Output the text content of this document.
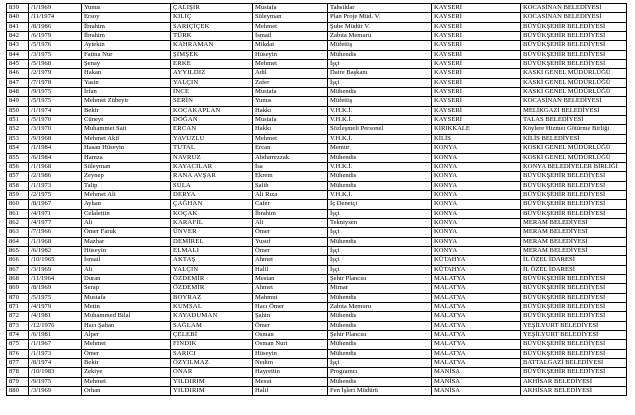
839	/1/1969	Yunus	ÇALIŞIR	Mustafa	Tahsildar	KAYSERİ	KOCASİNAN BELEDİYESİ
840	/11/1974	Ersoy	KILIÇ	Süleyman	Plan Proje Müd. V.	KAYSERİ	KOCASİNAN BELEDİYESİ
841	/8/1986	İbrahim	SARIÇİÇEK	Mehmet	Şube Müdür V.	KAYSERİ	BÜYÜKŞEHİR BELEDİYESİ
842	/6/1979	İbrahim	TÜRK	İsmail	Zabıta Memuru	KAYSERİ	BÜYÜKŞEHİR BELEDİYESİ
843	/5/1976	Aytekin	KAHRAMAN	Mikdat	Müfettiş	KAYSERİ	BÜYÜKŞEHİR BELEDİYESİ
844	/3/1975	Fatma Nur	ŞİMŞEK	Hüseyin	Mühendis	KAYSERİ	BÜYÜKŞEHİR BELEDİYESİ
845	/5/1968	Şenay	ERKE	Mehmet	İşçi	KAYSERİ	BÜYÜKŞEHİR BELEDİYESİ
846	/2/1979	Hakan	AYYILDIZ	Adil	Daire Başkanı	KAYSERİ	KASKİ GENEL MÜDÜRLÜĞÜ
847	/7/1978	Yasin	YALÇIN	Zafer	İşçi	KAYSERİ	KASKİ GENEL MÜDÜRLÜĞÜ
848	/9/1975	İrfan	İNCE	Mustafa	Mühendis	KAYSERİ	KASKİ GENEL MÜDÜRLÜĞÜ
849	/5/1975	Mehmet Zübeyir	SERİN	Yunus	Müfettiş	KAYSERİ	KOCASİNAN BELEDİYESİ
850	/1/1974	Bekir	KOCAKAPLAN	Hakkı	V.H.K.İ.	KAYSERİ	MELİKGAZİ BELEDİYESİ
851	/5/1970	Cüneyt	DOĞAN	Mustafa	V.H.K.İ.	KAYSERİ	TALAS BELEDİYESİ
852	/3/1970	Muhammet Sait	ERCAN	Hakkı	Sözleşmeli Personel	KIRIKKALE	Köylere Hizmet Götürme Birliği
853	/9/1968	Mehmet Akif	YAVUZLU	Mehmet	V.H.K.İ.	KİLİS	KİLİS BELEDİYESİ
854	/1/1984	Hasan Hüseyin	TUTAL	Ercan	Memur	KONYA	KOSKİ GENEL MÜDÜRLÜĞÜ
855	/6/1984	Hamza	NAVRUZ	Abdurrezzak	Mühendis	KONYA	KOSKİ GENEL MÜDÜRLÜĞÜ
856	/1/1968	Süleyman	KAYACILAR	İsa	V.H.K.İ.	KONYA	KONYA BELEDİYELER BİRLİĞİ
857	/2/1986	Zeynep	RANA AVŞAR	Ekrem	Mühendis	KONYA	BÜYÜKŞEHİR BELEDİYESİ
858	/1/1973	Talip	SULA	Salih	Mühendis	KONYA	BÜYÜKŞEHİR BELEDİYESİ
859	/2/1975	Mehmet Ali	DERYA	Ali Rıza	V.H.K.İ.	KONYA	BÜYÜKŞEHİR BELEDİYESİ
860	/8/1967	Ayhan	ÇAĞHAN	Cafer	İç Denetçi	KONYA	BÜYÜKŞEHİR BELEDİYESİ
861	/4/1971	Celalettin	KOÇAK	İbrahim	İşçi	KONYA	BÜYÜKŞEHİR BELEDİYESİ
862	/4/1977	Ali	KARAFİL	Ali	Tekniysen	KONYA	MERAM BELEDİYESİ
863	/7/1966	Ömer Faruk	ÜNVER	Ömer	İşçi	KONYA	MERAM BELEDİYESİ
864	/1/1968	Mazhar	DEMİREL	Yusuf	Mühendis	KONYA	MERAM BELEDİYESİ
865	/6/1982	Hüseyin	ELMALI	Ömer	İşçi	KONYA	MERAM BELEDİYESİ
866	/10/1965	İsmail	AKTAŞ	Ahmet	İşçi	KÜTAHYA	İL ÖZEL İDARESİ
867	/3/1969	Ali	YALÇIN	Halil	İşçi	KÜTAHYA	İL ÖZEL İDARESİ
868	/11/1964	Duran	ÖZDEMİR	Mestan	Şehir Plancısı	MALATYA	BÜYÜKŞEHİR BELEDİYESİ
869	/8/1969	Serap	ÖZDEMİR	Ahmet	Mimar	MALATYA	BÜYÜKŞEHİR BELEDİYESİ
870	/5/1975	Mustafa	BOYRAZ	Mahmut	Mühendis	MALATYA	BÜYÜKŞEHİR BELEDİYESİ
871	/4/1979	Metin	KUMSAL	Hacı Ömer	Zabıta Memuru	MALATYA	BÜYÜKŞEHİR BELEDİYESİ
872	/4/1981	Muhammed Bilal	KAYADUMAN	Şahin	Mühendis	MALATYA	BÜYÜKŞEHİR BELEDİYESİ
873	/12/1976	Hacı Şaban	SAĞLAM	Ömer	Mühendis	MALATYA	YEŞİLYURT BELEDİYESİ
874	/6/1981	Alper	ÇELEBİ	Osman	Şehir Plancısı	MALATYA	YEŞİLYURT BELEDİYESİ
875	/1/1967	Mehmet	FINDIK	Osman Nuri	Mühendis	MALATYA	BÜYÜKŞEHİR BELEDİYESİ
876	/1/1973	Ömer	SARICI	Hüseyin	Mühendis	MALATYA	BÜYÜKŞEHİR BELEDİYESİ
877	/8/1974	Bekir	ÖZYILMAZ	Nedim	İşçi	MALATYA	BATTALGAZİ BELEDİYESİ
878	/10/1983	Zekiye	ONAR	Hayrettin	Programcı	MANİSA	BÜYÜKŞEHİR BELEDİYESİ
879	/9/1975	Mehmet	YILDIRIM	Mesut	Mühendis	MANİSA	AKHİSAR BELEDİYESİ
880	/3/1969	Orhan	YILDIRIM	Halil	Fen İşleri Müdürü	MANİSA	AKHİSAR BELEDİYESİ
